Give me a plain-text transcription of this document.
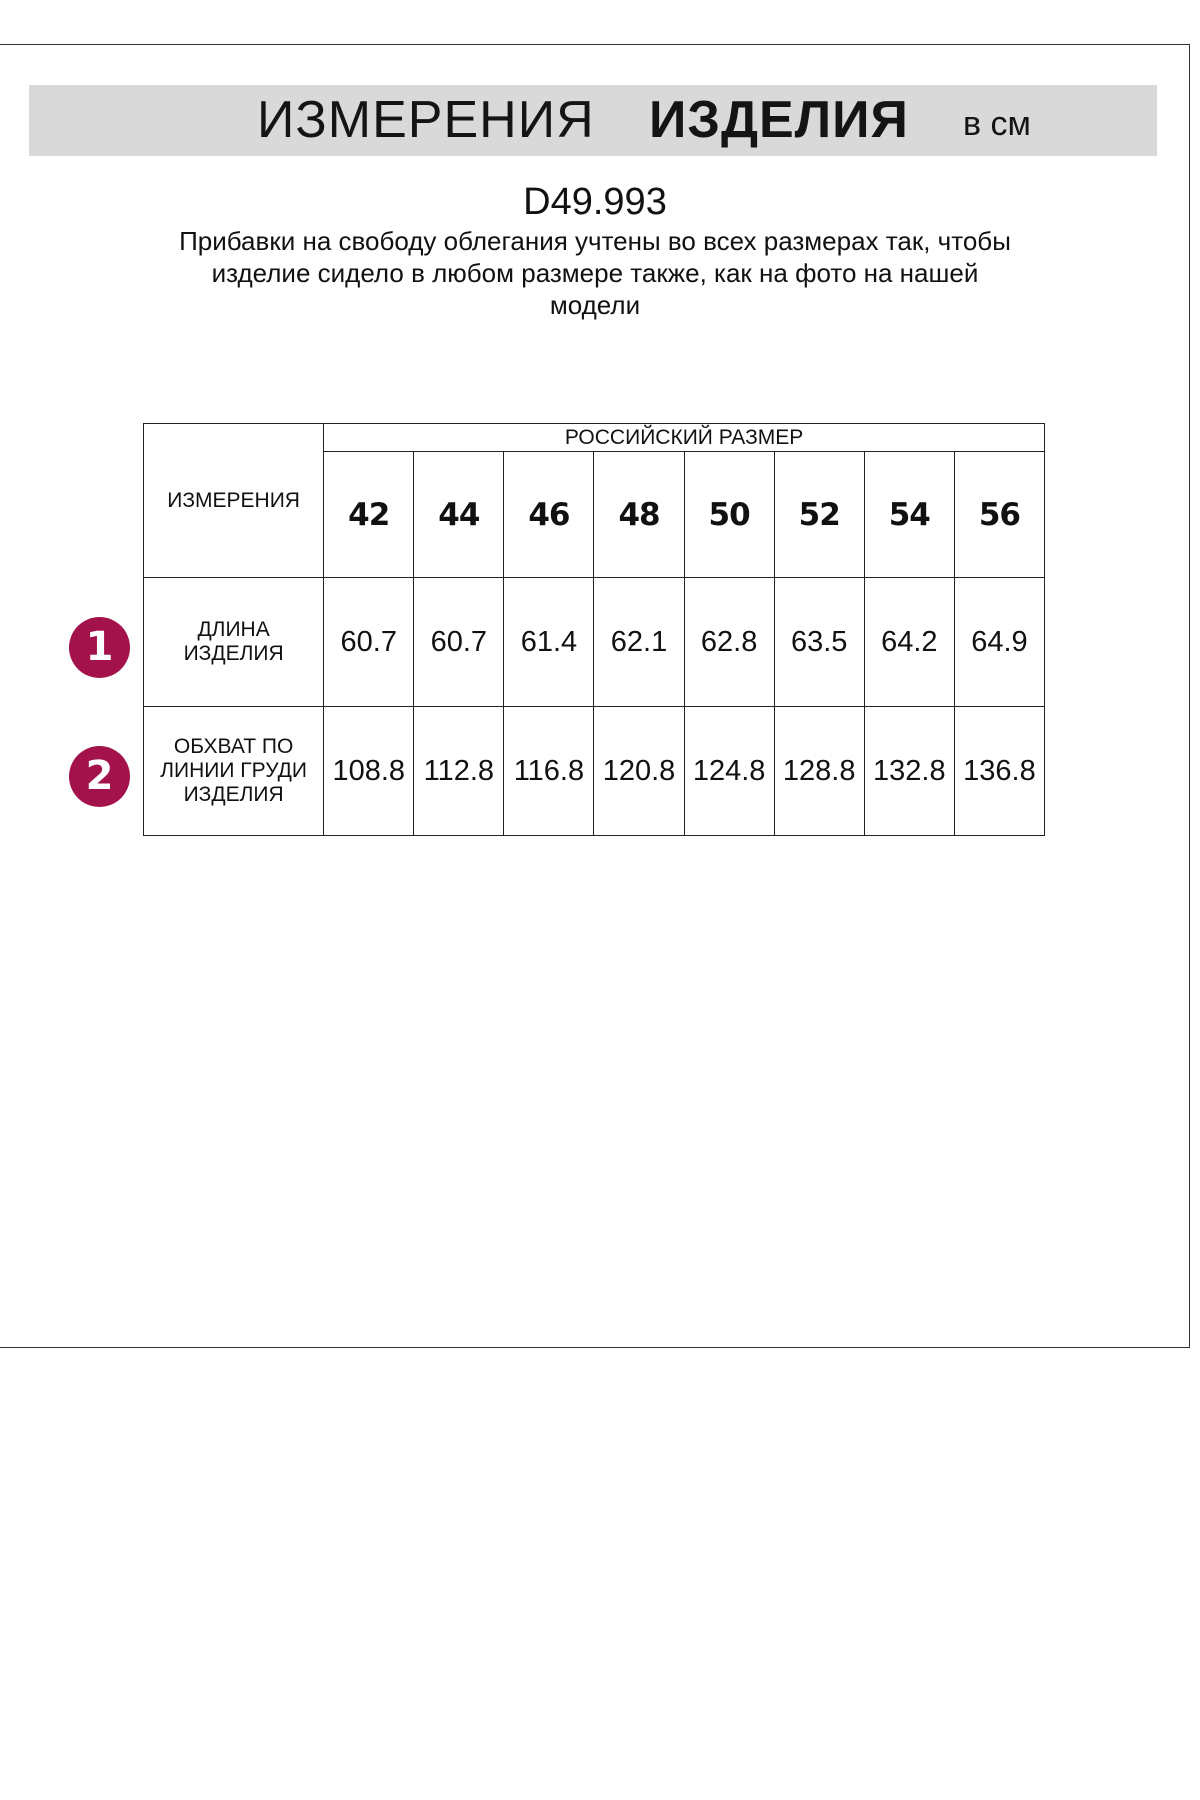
ИЗМЕРЕНИЯ ИЗДЕЛИЯ в см
D49.993
Прибавки на свободу облегания учтены во всех размерах так, чтобы
изделие сидело в любом размере также, как на фото на нашей
модели
1
2
ИЗМЕРЕНИЯ	РОССИЙСКИЙ РАЗМЕР							
	42	44	46	48	50	52	54	56

ДЛИНА
ИЗДЕЛИЯ	60.7	60.7	61.4	62.1	62.8	63.5	64.2	64.9

ОБХВАТ ПО
ЛИНИИ ГРУДИ
ИЗДЕЛИЯ	108.8	112.8	116.8	120.8	124.8	128.8	132.8	136.8
